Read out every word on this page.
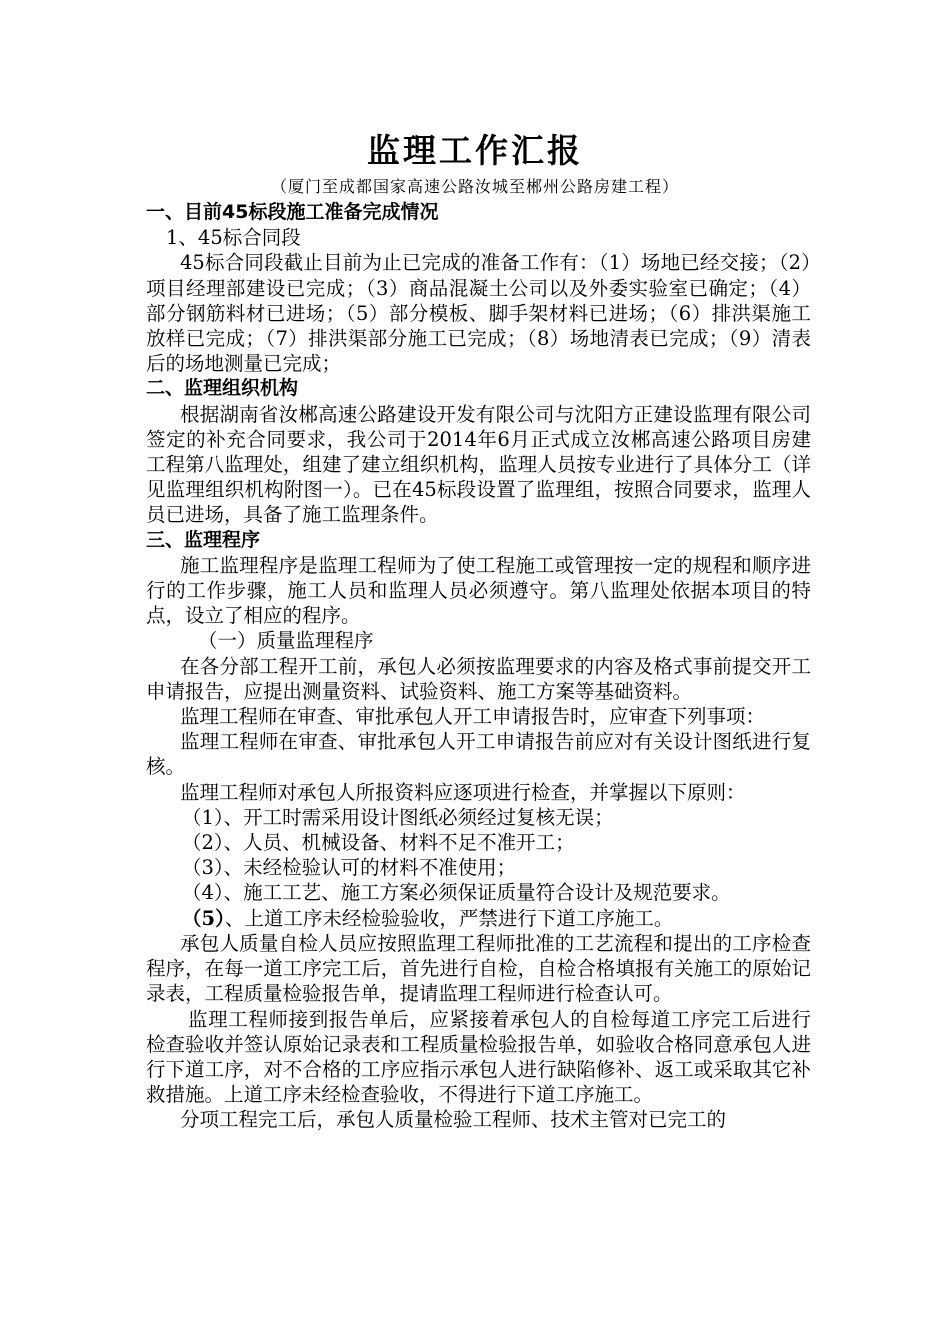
监理工作汇报
（厦门至成都国家高速公路汝城至郴州公路房建工程）

一、目前45标段施工准备完成情况

1、45标合同段

45标合同段截止目前为止已完成的准备工作有：（1）场地已经交接；（2）项目经理部建设已完成；（3）商品混凝土公司以及外委实验室已确定；（4）部分钢筋料材已进场；（5）部分模板、脚手架材料已进场；（6）排洪渠施工放样已完成；（7）排洪渠部分施工已完成；（8）场地清表已完成；（9）清表后的场地测量已完成；

二、监理组织机构

根据湖南省汝郴高速公路建设开发有限公司与沈阳方正建设监理有限公司签定的补充合同要求，我公司于2014年6月正式成立汝郴高速公路项目房建工程第八监理处，组建了建立组织机构，监理人员按专业进行了具体分工（详见监理组织机构附图一）。已在45标段设置了监理组，按照合同要求，监理人员已进场，具备了施工监理条件。

三、监理程序

施工监理程序是监理工程师为了使工程施工或管理按一定的规程和顺序进行的工作步骤，施工人员和监理人员必须遵守。第八监理处依据本项目的特点，设立了相应的程序。

（一）质量监理程序

在各分部工程开工前，承包人必须按监理要求的内容及格式事前提交开工申请报告，应提出测量资料、试验资料、施工方案等基础资料。

监理工程师在审查、审批承包人开工申请报告时，应审查下列事项：

监理工程师在审查、审批承包人开工申请报告前应对有关设计图纸进行复核。

监理工程师对承包人所报资料应逐项进行检查，并掌握以下原则：

（1）、开工时需采用设计图纸必须经过复核无误；

（2）、人员、机械设备、材料不足不准开工；

（3）、未经检验认可的材料不准使用；

（4）、施工工艺、施工方案必须保证质量符合设计及规范要求。

（5）、上道工序未经检验验收，严禁进行下道工序施工。

承包人质量自检人员应按照监理工程师批准的工艺流程和提出的工序检查程序，在每一道工序完工后，首先进行自检，自检合格填报有关施工的原始记录表，工程质量检验报告单，提请监理工程师进行检查认可。

监理工程师接到报告单后，应紧接着承包人的自检每道工序完工后进行检查验收并签认原始记录表和工程质量检验报告单，如验收合格同意承包人进行下道工序，对不合格的工序应指示承包人进行缺陷修补、返工或采取其它补救措施。上道工序未经检查验收，不得进行下道工序施工。

分项工程完工后，承包人质量检验工程师、技术主管对已完工的
